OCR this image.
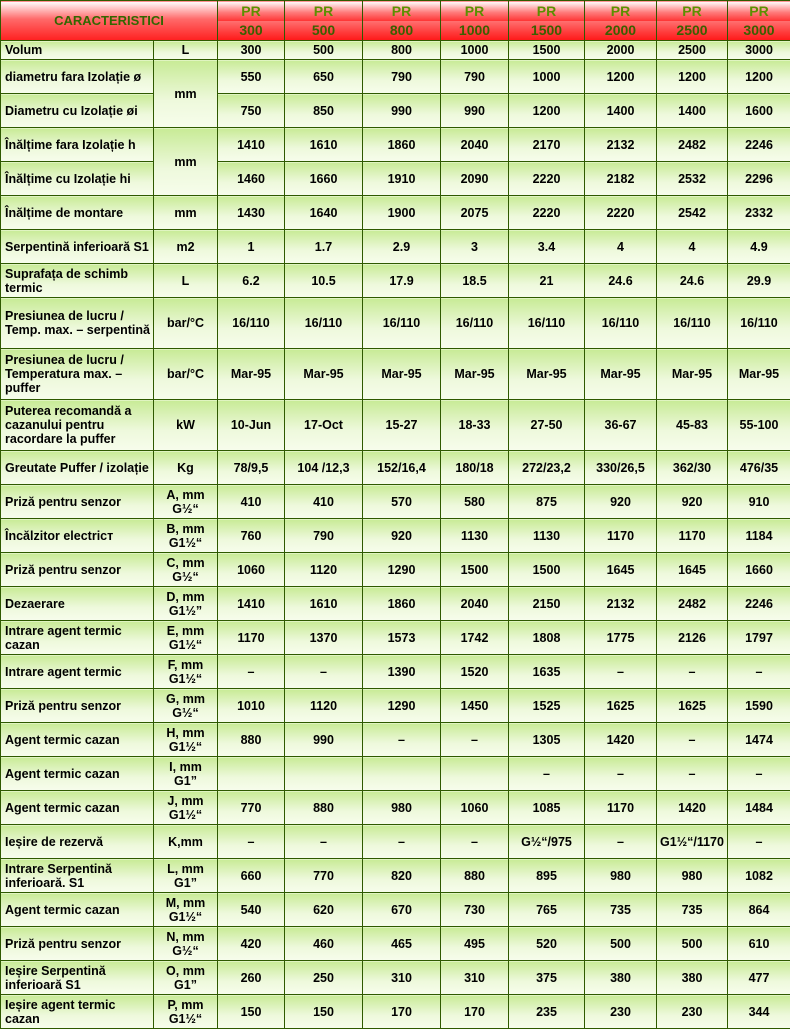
CARACTERISTICI		PR	PR	PR	PR	PR	PR	PR	PR
		300	500	800	1000	1500	2000	2500	3000
Volum	L	300	500	800	1000	1500	2000	2500	3000
diametru fara Izolație ø	mm	550	650	790	790	1000	1200	1200	1200
Diametru cu Izolație øi		750	850	990	990	1200	1400	1400	1600
Înălțime fara Izolație h	mm	1410	1610	1860	2040	2170	2132	2482	2246
Înălțime cu Izolație hi		1460	1660	1910	2090	2220	2182	2532	2296
Înălțime de montare	mm	1430	1640	1900	2075	2220	2220	2542	2332
Serpentină inferioară S1	m2	1	1.7	2.9	3	3.4	4	4	4.9
Suprafața de schimb termic	L	6.2	10.5	17.9	18.5	21	24.6	24.6	29.9
Presiunea de lucru / Temp. max. – serpentină	bar/°C	16/110	16/110	16/110	16/110	16/110	16/110	16/110	16/110
Presiunea de lucru / Temperatura max. – puffer	bar/°C	Mar-95	Mar-95	Mar-95	Mar-95	Mar-95	Mar-95	Mar-95	Mar-95
Puterea recomandă a cazanului pentru racordare la puffer	kW	10-Jun	17-Oct	15-27	18-33	27-50	36-67	45-83	55-100
Greutate Puffer / izolație	Kg	78/9,5	104 /12,3	152/16,4	180/18	272/23,2	330/26,5	362/30	476/35
Priză pentru senzor	A, mm G½“	410	410	570	580	875	920	920	910
Încălzitor electricт	B, mm G1½“	760	790	920	1130	1130	1170	1170	1184
Priză pentru senzor	C, mm G½“	1060	1120	1290	1500	1500	1645	1645	1660
Dezaerare	D, mm G1½”	1410	1610	1860	2040	2150	2132	2482	2246
Intrare agent termic cazan	E, mm G1½“	1170	1370	1573	1742	1808	1775	2126	1797
Intrare agent termic	F, mm G1½“	–	–	1390	1520	1635	–	–	–
Priză pentru senzor	G, mm G½“	1010	1120	1290	1450	1525	1625	1625	1590
Agent termic cazan	H, mm G1½“	880	990	–	–	1305	1420	–	1474
Agent termic cazan	I, mm G1”					–	–	–	–
Agent termic cazan	J, mm G1½“	770	880	980	1060	1085	1170	1420	1484
Ieșire de rezervă	K,mm	–	–	–	–	G½“/975	–	G1½“/1170	–
Intrare Serpentină inferioară. S1	L, mm G1”	660	770	820	880	895	980	980	1082
Agent termic cazan	M, mm G1½“	540	620	670	730	765	735	735	864
Priză pentru senzor	N, mm G½“	420	460	465	495	520	500	500	610
Ieșire Serpentină inferioară S1	O, mm G1”	260	250	310	310	375	380	380	477
Ieșire agent termic cazan	P, mm G1½“	150	150	170	170	235	230	230	344
